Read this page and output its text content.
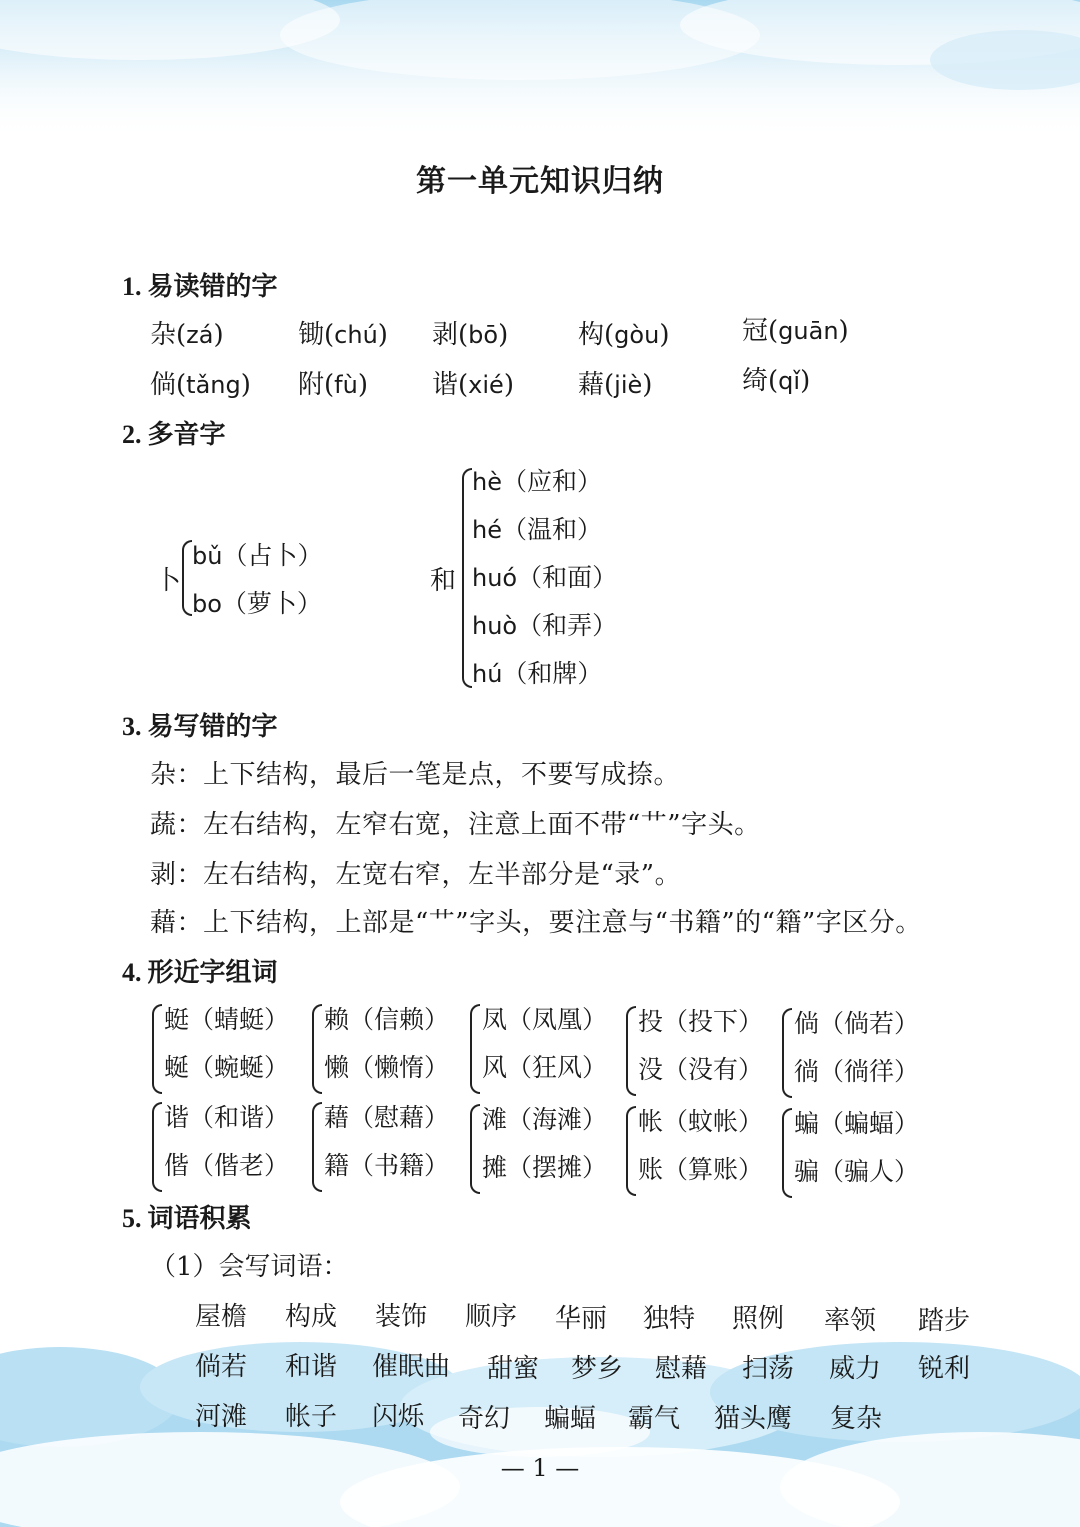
第一单元知识归纳
1. 易读错的字
杂(zá)	锄(chú) 剥(bō)	构(gòu)	冠(guān)
倘(tǎng) 附(fù) 谐(xié) 藉(jiè)	绮(qǐ)
2. 多音字
卜
bǔ（占卜）
bo（萝卜）
和
hè（应和）
hé（温和）
huó（和面）
huò（和弄）
hú（和牌）
3. 易写错的字
杂：上下结构，最后一笔是点，不要写成捺。
蔬：左右结构，左窄右宽，注意上面不带“艹”字头。
剥：左右结构，左宽右窄，左半部分是“录”。
藉：上下结构，上部是“艹”字头，要注意与“书籍”的“籍”字区分。
4. 形近字组词
蜓（蜻蜓）
蜒（蜿蜒）
赖（信赖）
懒（懒惰）
凤（凤凰）
风（狂风）
投（投下）
没（没有）
倘（倘若）
徜（徜徉）
谐（和谐）
偕（偕老）
藉（慰藉）
籍（书籍）
滩（海滩）
摊（摆摊）
帐（蚊帐）
账（算账）
蝙（蝙蝠）
骗（骗人）
5. 词语积累
（1）会写词语：
屋檐 构成 装饰 顺序 华丽 独特 照例 率领 踏步
倘若 和谐 催眠曲 甜蜜 梦乡 慰藉 扫荡 威力 锐利
河滩 帐子 闪烁 奇幻 蝙蝠 霸气 猫头鹰 复杂
— 1 —
